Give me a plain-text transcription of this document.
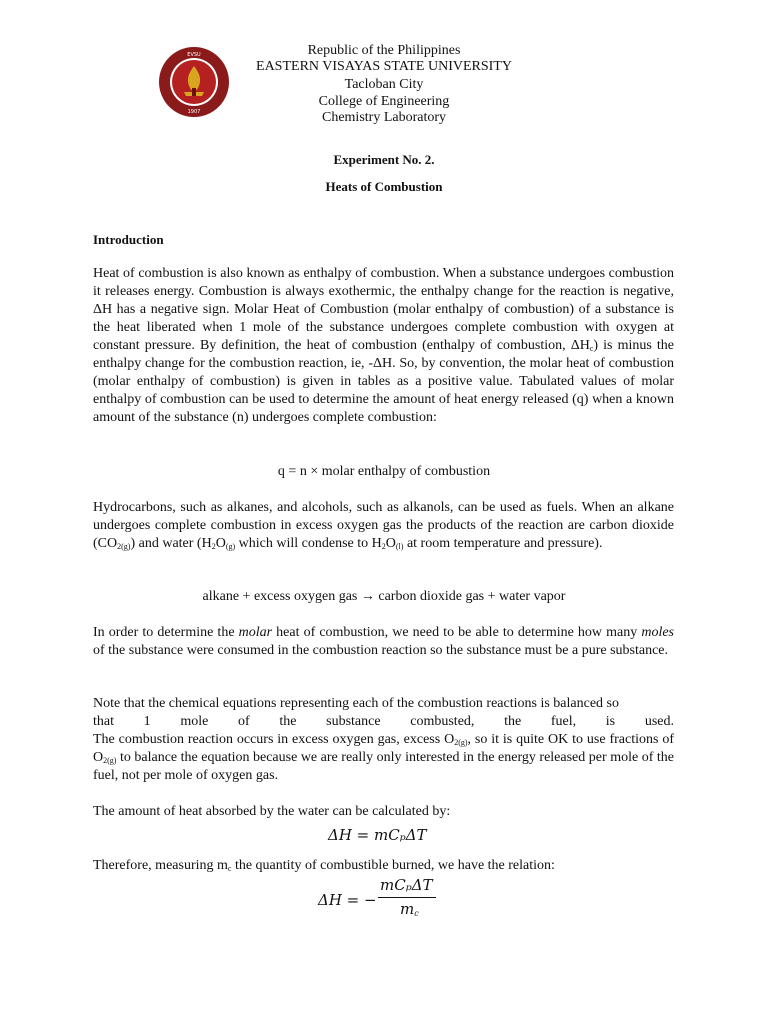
EVSU
1907
Republic of the Philippines
EASTERN VISAYAS STATE UNIVERSITY
Tacloban City
College of Engineering
Chemistry Laboratory
Experiment No. 2.
Heats of Combustion
Introduction

Heat of combustion is also known as enthalpy of combustion. When a substance undergoes combustion it releases energy. Combustion is always exothermic, the enthalpy change for the reaction is negative, ΔH has a negative sign. Molar Heat of Combustion (molar enthalpy of combustion) of a substance is the heat liberated when 1 mole of the substance undergoes complete combustion with oxygen at constant pressure. By definition, the heat of combustion (enthalpy of combustion, $\Delta H_c$) is minus the enthalpy change for the combustion reaction, ie, -ΔH. So, by convention, the molar heat of combustion (molar enthalpy of combustion) is given in tables as a positive value. Tabulated values of molar enthalpy of combustion can be used to determine the amount of heat energy released (q) when a known amount of the substance (n) undergoes complete combustion:

q = n × molar enthalpy of combustion

Hydrocarbons, such as alkanes, and alcohols, such as alkanols, can be used as fuels. When an alkane undergoes complete combustion in excess oxygen gas the products of the reaction are carbon dioxide $(CO_{2(g)})$ and water ($H_2O_{(g)}$ which will condense to $H_2O_{(l)}$ at room temperature and pressure).

alkane + excess oxygen gas → carbon dioxide gas + water vapor

In order to determine the molar heat of combustion, we need to be able to determine how many moles of the substance were consumed in the combustion reaction so the substance must be a pure substance.

Note that the chemical equations representing each of the combustion reactions is balanced so
that 1 mole of the substance combusted, the fuel, is used.
The combustion reaction occurs in excess oxygen gas, excess $O_{2(g)}$, so it is quite OK to use fractions of $O_{2(g)}$ to balance the equation because we are really only interested in the energy released per mole of the fuel, not per mole of oxygen gas.
The amount of heat absorbed by the water can be calculated by:
ΔH = mCₚΔT

Therefore, measuring $m_c$ the quantity of combustible burned, we have the relation:

ΔH = −
mCₚΔT
$m_c$
